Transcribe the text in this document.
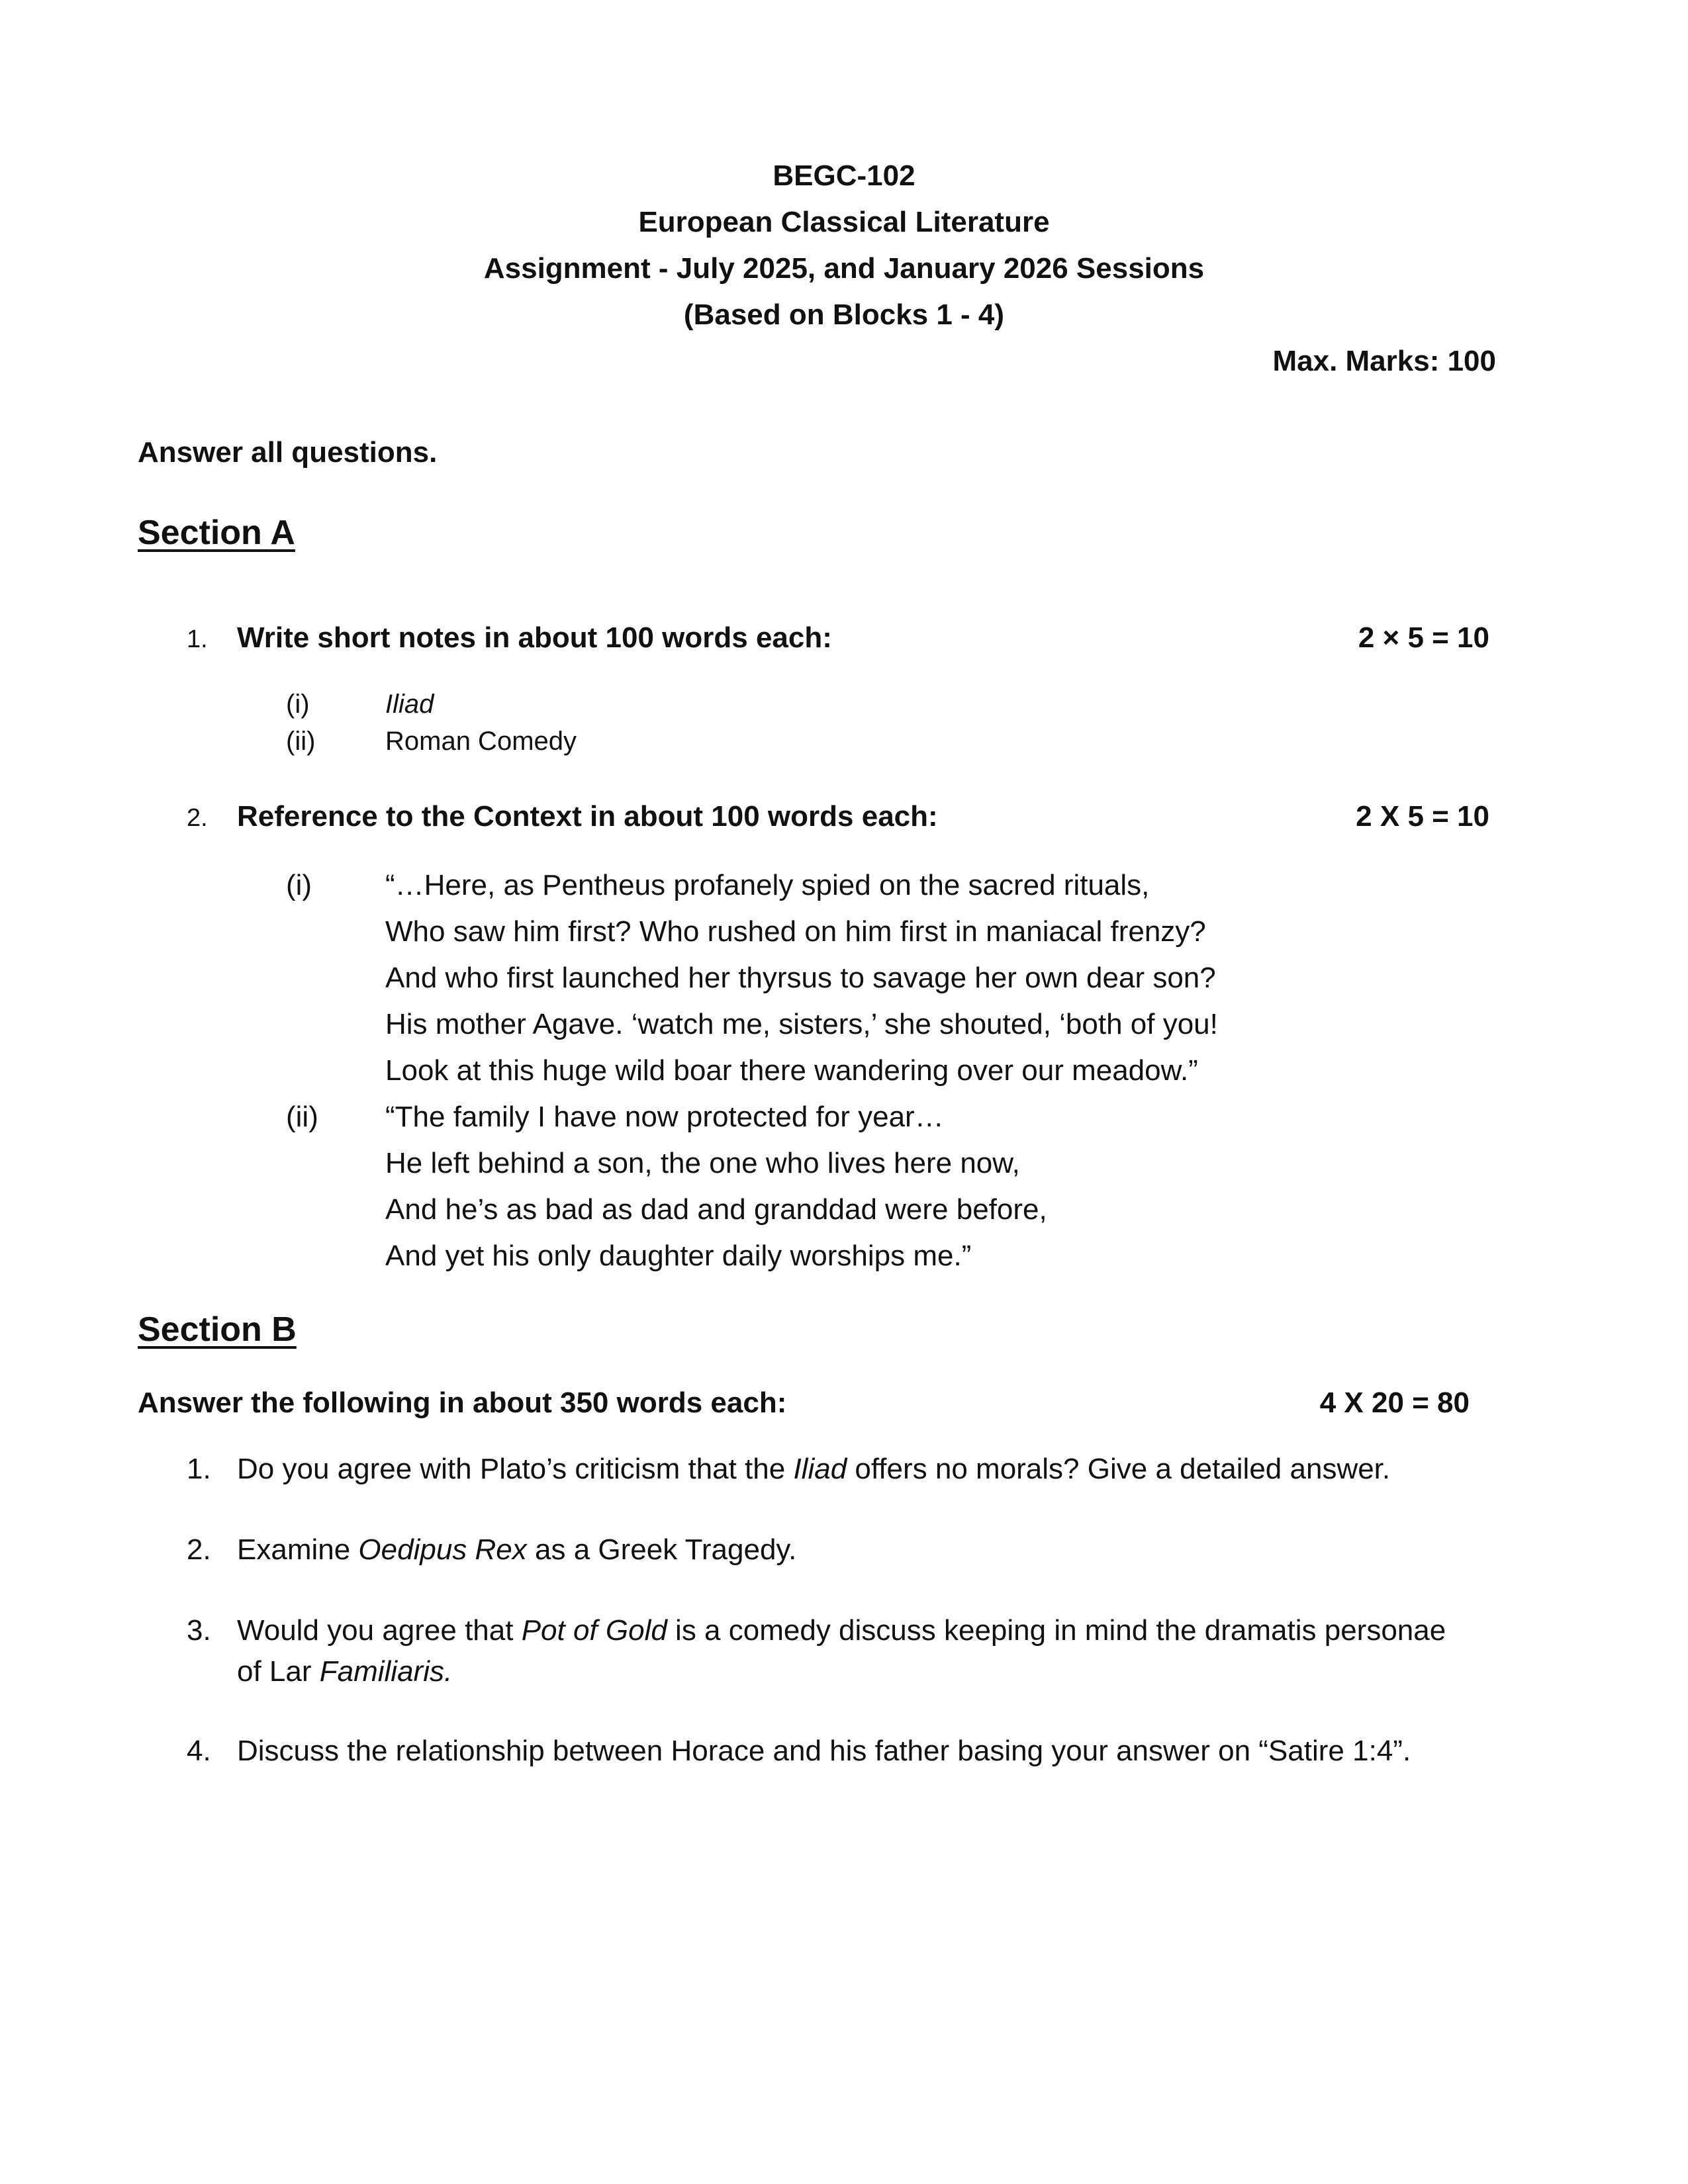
BEGC-102
European Classical Literature
Assignment - July 2025, and January 2026 Sessions
(Based on Blocks 1 - 4)
Max. Marks: 100
Answer all questions.
Section A
1. Write short notes in about 100 words each:	2 × 5 = 10
(i)	Iliad
(ii)	Roman Comedy
2. Reference to the Context in about 100 words each:	2 X 5 = 10
(i)	“…Here, as Pentheus profanely spied on the sacred rituals,
Who saw him first? Who rushed on him first in maniacal frenzy?
And who first launched her thyrsus to savage her own dear son?
His mother Agave. ‘watch me, sisters,’ she shouted, ‘both of you!
Look at this huge wild boar there wandering over our meadow.”
(ii) “The family I have now protected for year…
He left behind a son, the one who lives here now,
And he’s as bad as dad and granddad were before,
And yet his only daughter daily worships me.”
Section B
Answer the following in about 350 words each:	4 X 20 = 80
1. Do you agree with Plato’s criticism that the Iliad offers no morals? Give a detailed answer.
2. Examine Oedipus Rex as a Greek Tragedy.
3. Would you agree that Pot of Gold is a comedy discuss keeping in mind the dramatis personae
of Lar Familiaris.
4. Discuss the relationship between Horace and his father basing your answer on “Satire 1:4”.
